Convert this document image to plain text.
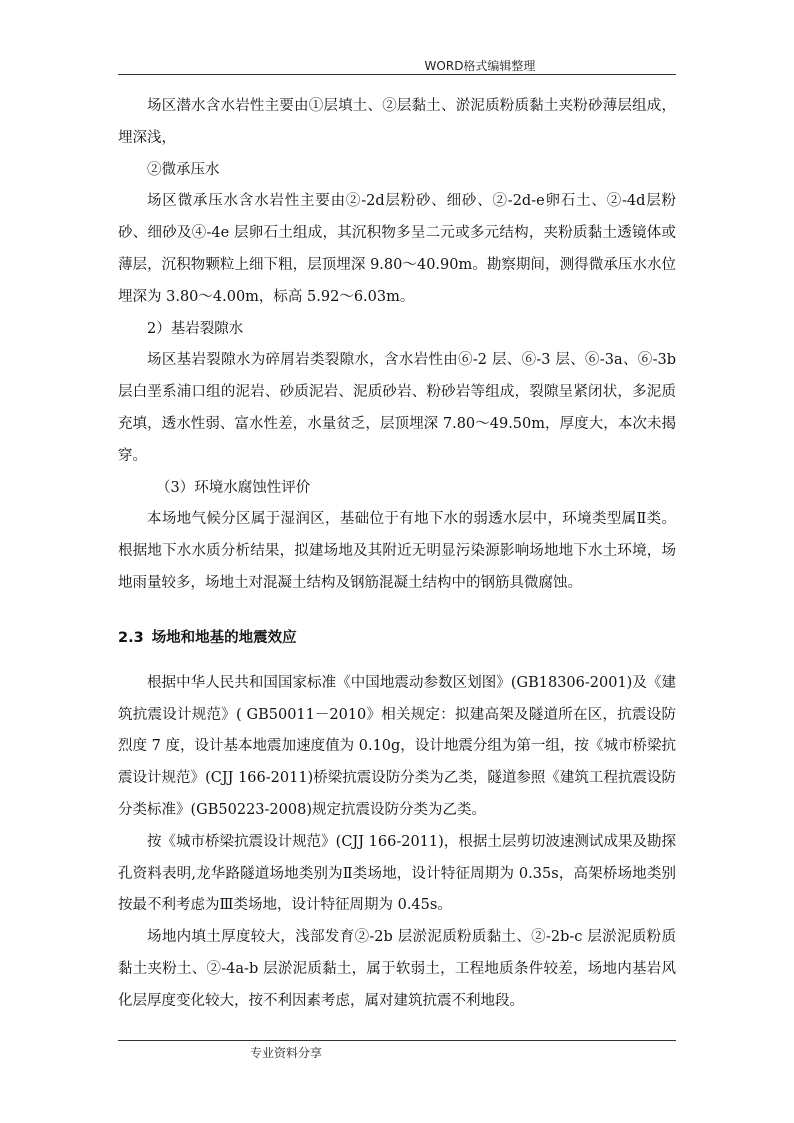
WORD格式编辑整理

场区潜水含水岩性主要由①层填土、②层黏土、淤泥质粉质黏土夹粉砂薄层组成，埋深浅，

②微承压水

场区微承压水含水岩性主要由②-2d层粉砂、细砂、②-2d-e卵石土、②-4d层粉砂、细砂及④-4e 层卵石土组成，其沉积物多呈二元或多元结构，夹粉质黏土透镜体或薄层，沉积物颗粒上细下粗，层顶埋深 9.80～40.90m。勘察期间，测得微承压水水位埋深为 3.80～4.00m，标高 5.92～6.03m。

2）基岩裂隙水

场区基岩裂隙水为碎屑岩类裂隙水，含水岩性由⑥-2 层、⑥-3 层、⑥-3a、⑥-3b 层白垩系浦口组的泥岩、砂质泥岩、泥质砂岩、粉砂岩等组成，裂隙呈紧闭状，多泥质充填，透水性弱、富水性差，水量贫乏，层顶埋深 7.80～49.50m，厚度大，本次未揭穿。

（3）环境水腐蚀性评价

本场地气候分区属于湿润区，基础位于有地下水的弱透水层中，环境类型属Ⅱ类。根据地下水水质分析结果，拟建场地及其附近无明显污染源影响场地地下水土环境，场地雨量较多，场地土对混凝土结构及钢筋混凝土结构中的钢筋具微腐蚀。

2.3 场地和地基的地震效应

根据中华人民共和国国家标准《中国地震动参数区划图》(GB18306-2001)及《建筑抗震设计规范》( GB50011－2010》相关规定：拟建高架及隧道所在区，抗震设防烈度 7 度，设计基本地震加速度值为 0.10g，设计地震分组为第一组，按《城市桥梁抗震设计规范》(CJJ 166-2011)桥梁抗震设防分类为乙类，隧道参照《建筑工程抗震设防分类标准》(GB50223-2008)规定抗震设防分类为乙类。

按《城市桥梁抗震设计规范》(CJJ 166-2011)，根据土层剪切波速测试成果及勘探孔资料表明,龙华路隧道场地类别为Ⅱ类场地，设计特征周期为 0.35s，高架桥场地类别按最不利考虑为Ⅲ类场地，设计特征周期为 0.45s。

场地内填土厚度较大，浅部发育②-2b 层淤泥质粉质黏土、②-2b-c 层淤泥质粉质黏土夹粉土、②-4a-b 层淤泥质黏土，属于软弱土，工程地质条件较差，场地内基岩风化层厚度变化较大，按不利因素考虑，属对建筑抗震不利地段。

专业资料分享
